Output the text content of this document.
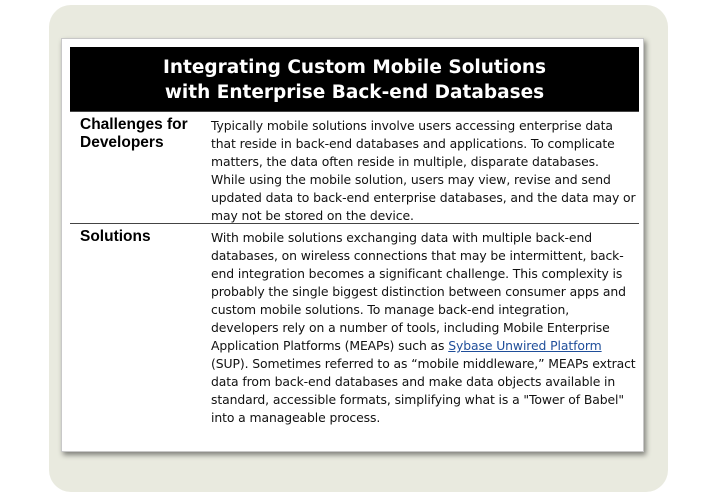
Integrating Custom Mobile Solutions
with Enterprise Back-end Databases
Challenges for Developers
Typically mobile solutions involve users accessing enterprise data that reside in back-end databases and applications. To complicate matters, the data often reside in multiple, disparate databases. While using the mobile solution, users may view, revise and send updated data to back-end enterprise databases, and the data may or may not be stored on the device.
Solutions	With mobile solutions exchanging data with multiple back-end databases, on wireless connections that may be intermittent, back-end integration becomes a significant challenge. This complexity is probably the single biggest distinction between consumer apps and custom mobile solutions. To manage back-end integration, developers rely on a number of tools, including Mobile Enterprise Application Platforms (MEAPs) such as Sybase Unwired Platform (SUP). Sometimes referred to as “mobile middleware,” MEAPs extract data from back-end databases and make data objects available in standard, accessible formats, simplifying what is a "Tower of Babel" into a manageable process.
